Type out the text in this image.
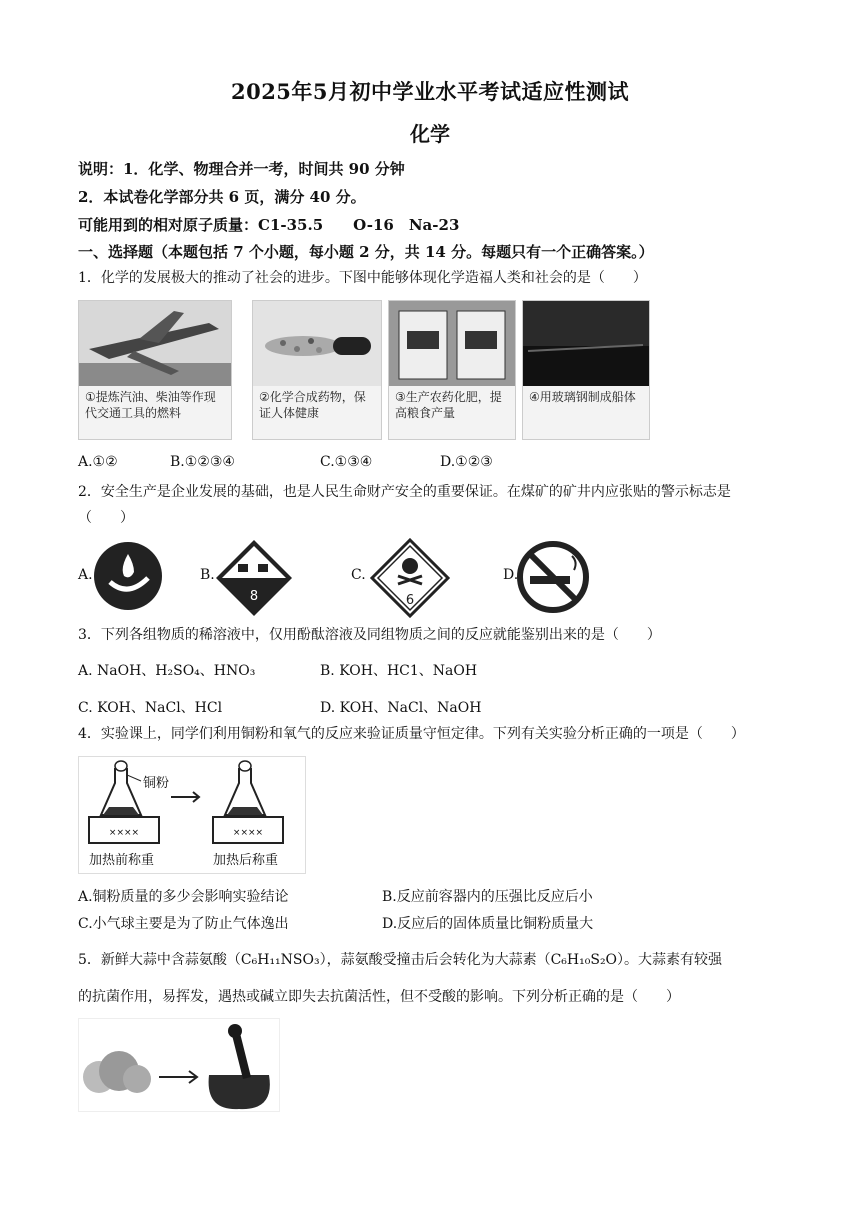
2025年5月初中学业水平考试适应性测试
化学
说明：1．化学、物理合并一考，时间共 90 分钟
2．本试卷化学部分共 6 页，满分 40 分。
可能用到的相对原子质量：C1-35.5　　O-16　Na-23
一、选择题（本题包括 7 个小题，每小题 2 分，共 14 分。每题只有一个正确答案。）
1．化学的发展极大的推动了社会的进步。下图中能够体现化学造福人类和社会的是（　　）
①提炼汽油、柴油等作现代交通工具的燃料
②化学合成药物，保证人体健康
③生产农药化肥，提高粮食产量
④用玻璃钢制成船体
A.①②	B.①②③④	C.①③④	D.①②③
2．安全生产是企业发展的基础，也是人民生命财产安全的重要保证。在煤矿的矿井内应张贴的警示标志是
（　　）
A.	B.
8
C.
6
D.
3．下列各组物质的稀溶液中，仅用酚酞溶液及同组物质之间的反应就能鉴别出来的是（　　）
A. NaOH、H₂SO₄、HNO₃	B. KOH、HC1、NaOH
C. KOH、NaCl、HCl	D. KOH、NaCl、NaOH
4．实验课上，同学们利用铜粉和氧气的反应来验证质量守恒定律。下列有关实验分析正确的一项是（　　）
铜粉
××××	××××
加热前称重	加热后称重
A.铜粉质量的多少会影响实验结论	B.反应前容器内的压强比反应后小
C.小气球主要是为了防止气体逸出	D.反应后的固体质量比铜粉质量大
5．新鲜大蒜中含蒜氨酸（C₆H₁₁NSO₃），蒜氨酸受撞击后会转化为大蒜素（C₆H₁₀S₂O）。大蒜素有较强
的抗菌作用，易挥发，遇热或碱立即失去抗菌活性，但不受酸的影响。下列分析正确的是（　　）
